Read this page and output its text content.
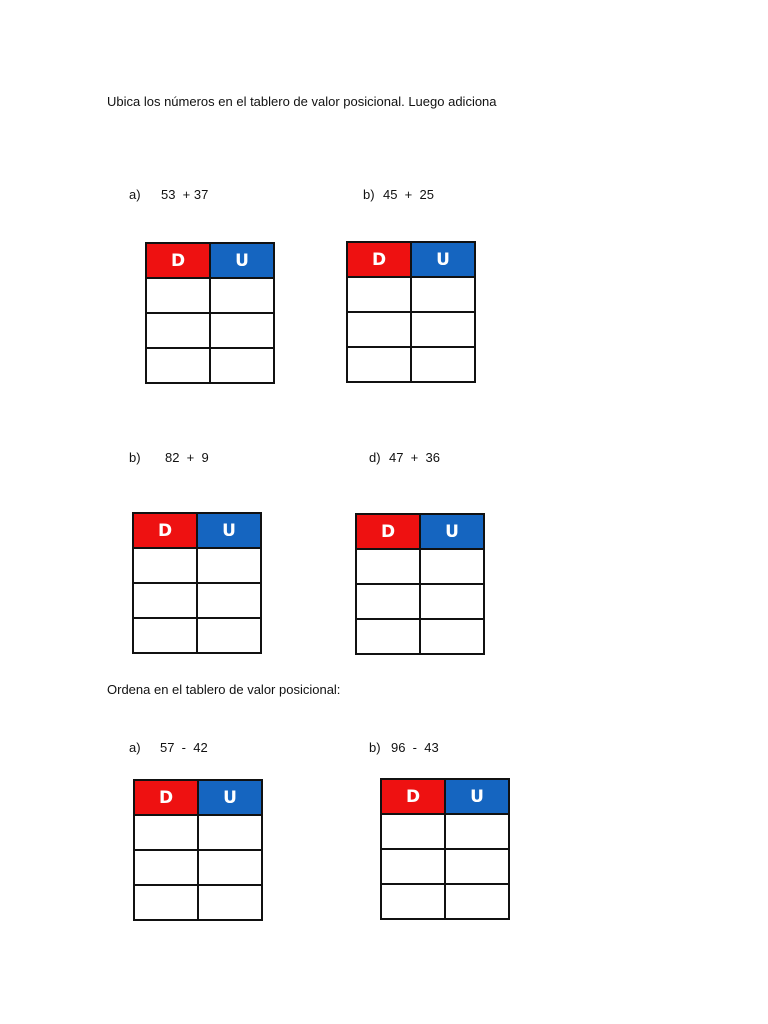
Ubica los números en el tablero de valor posicional. Luego adiciona
a) 53  + 37	b) 45  +  25
D	U

		D	U

b) 82  +  9	d) 47  +  36
D	U

		D	U

Ordena en el tablero de valor posicional:
a) 57  -  42	b) 96  -  43
D	U

		D	U
